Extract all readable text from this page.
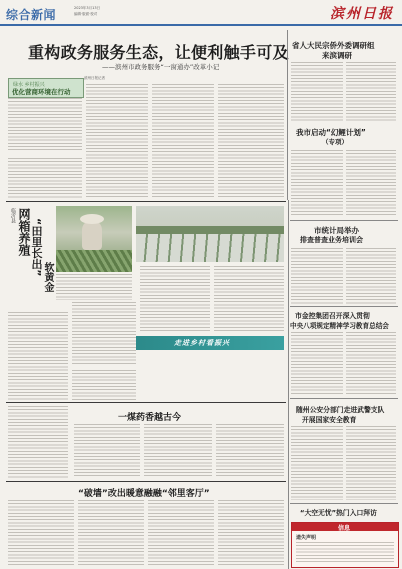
综合新闻	2023年3月13日
编辑·版面·校对	滨州日报
重构政务服务生态，让便利触手可及
——滨州市政务服务“一窗通办”改革小记
滨州日报记者
绿水 乡村振兴
优化营商环境在行动
省人大民宗侨外委调研组
来滨调研
我市启动“幻鲤计划”
（专项）
市统计局举办
排查普查业务培训会
市金控集团召开深入贯彻
中央八项规定精神学习教育总结会
随州公安分部门走进武警支队
开展国家安全教育
“大空无忧”热门入口拜访
信息
遗失声明
临沂县 网箱养殖 “田里长出”
软黄金
走进乡村看振兴
一煤药香越古今
“破墙”改出暖意融融“邻里客厅”
